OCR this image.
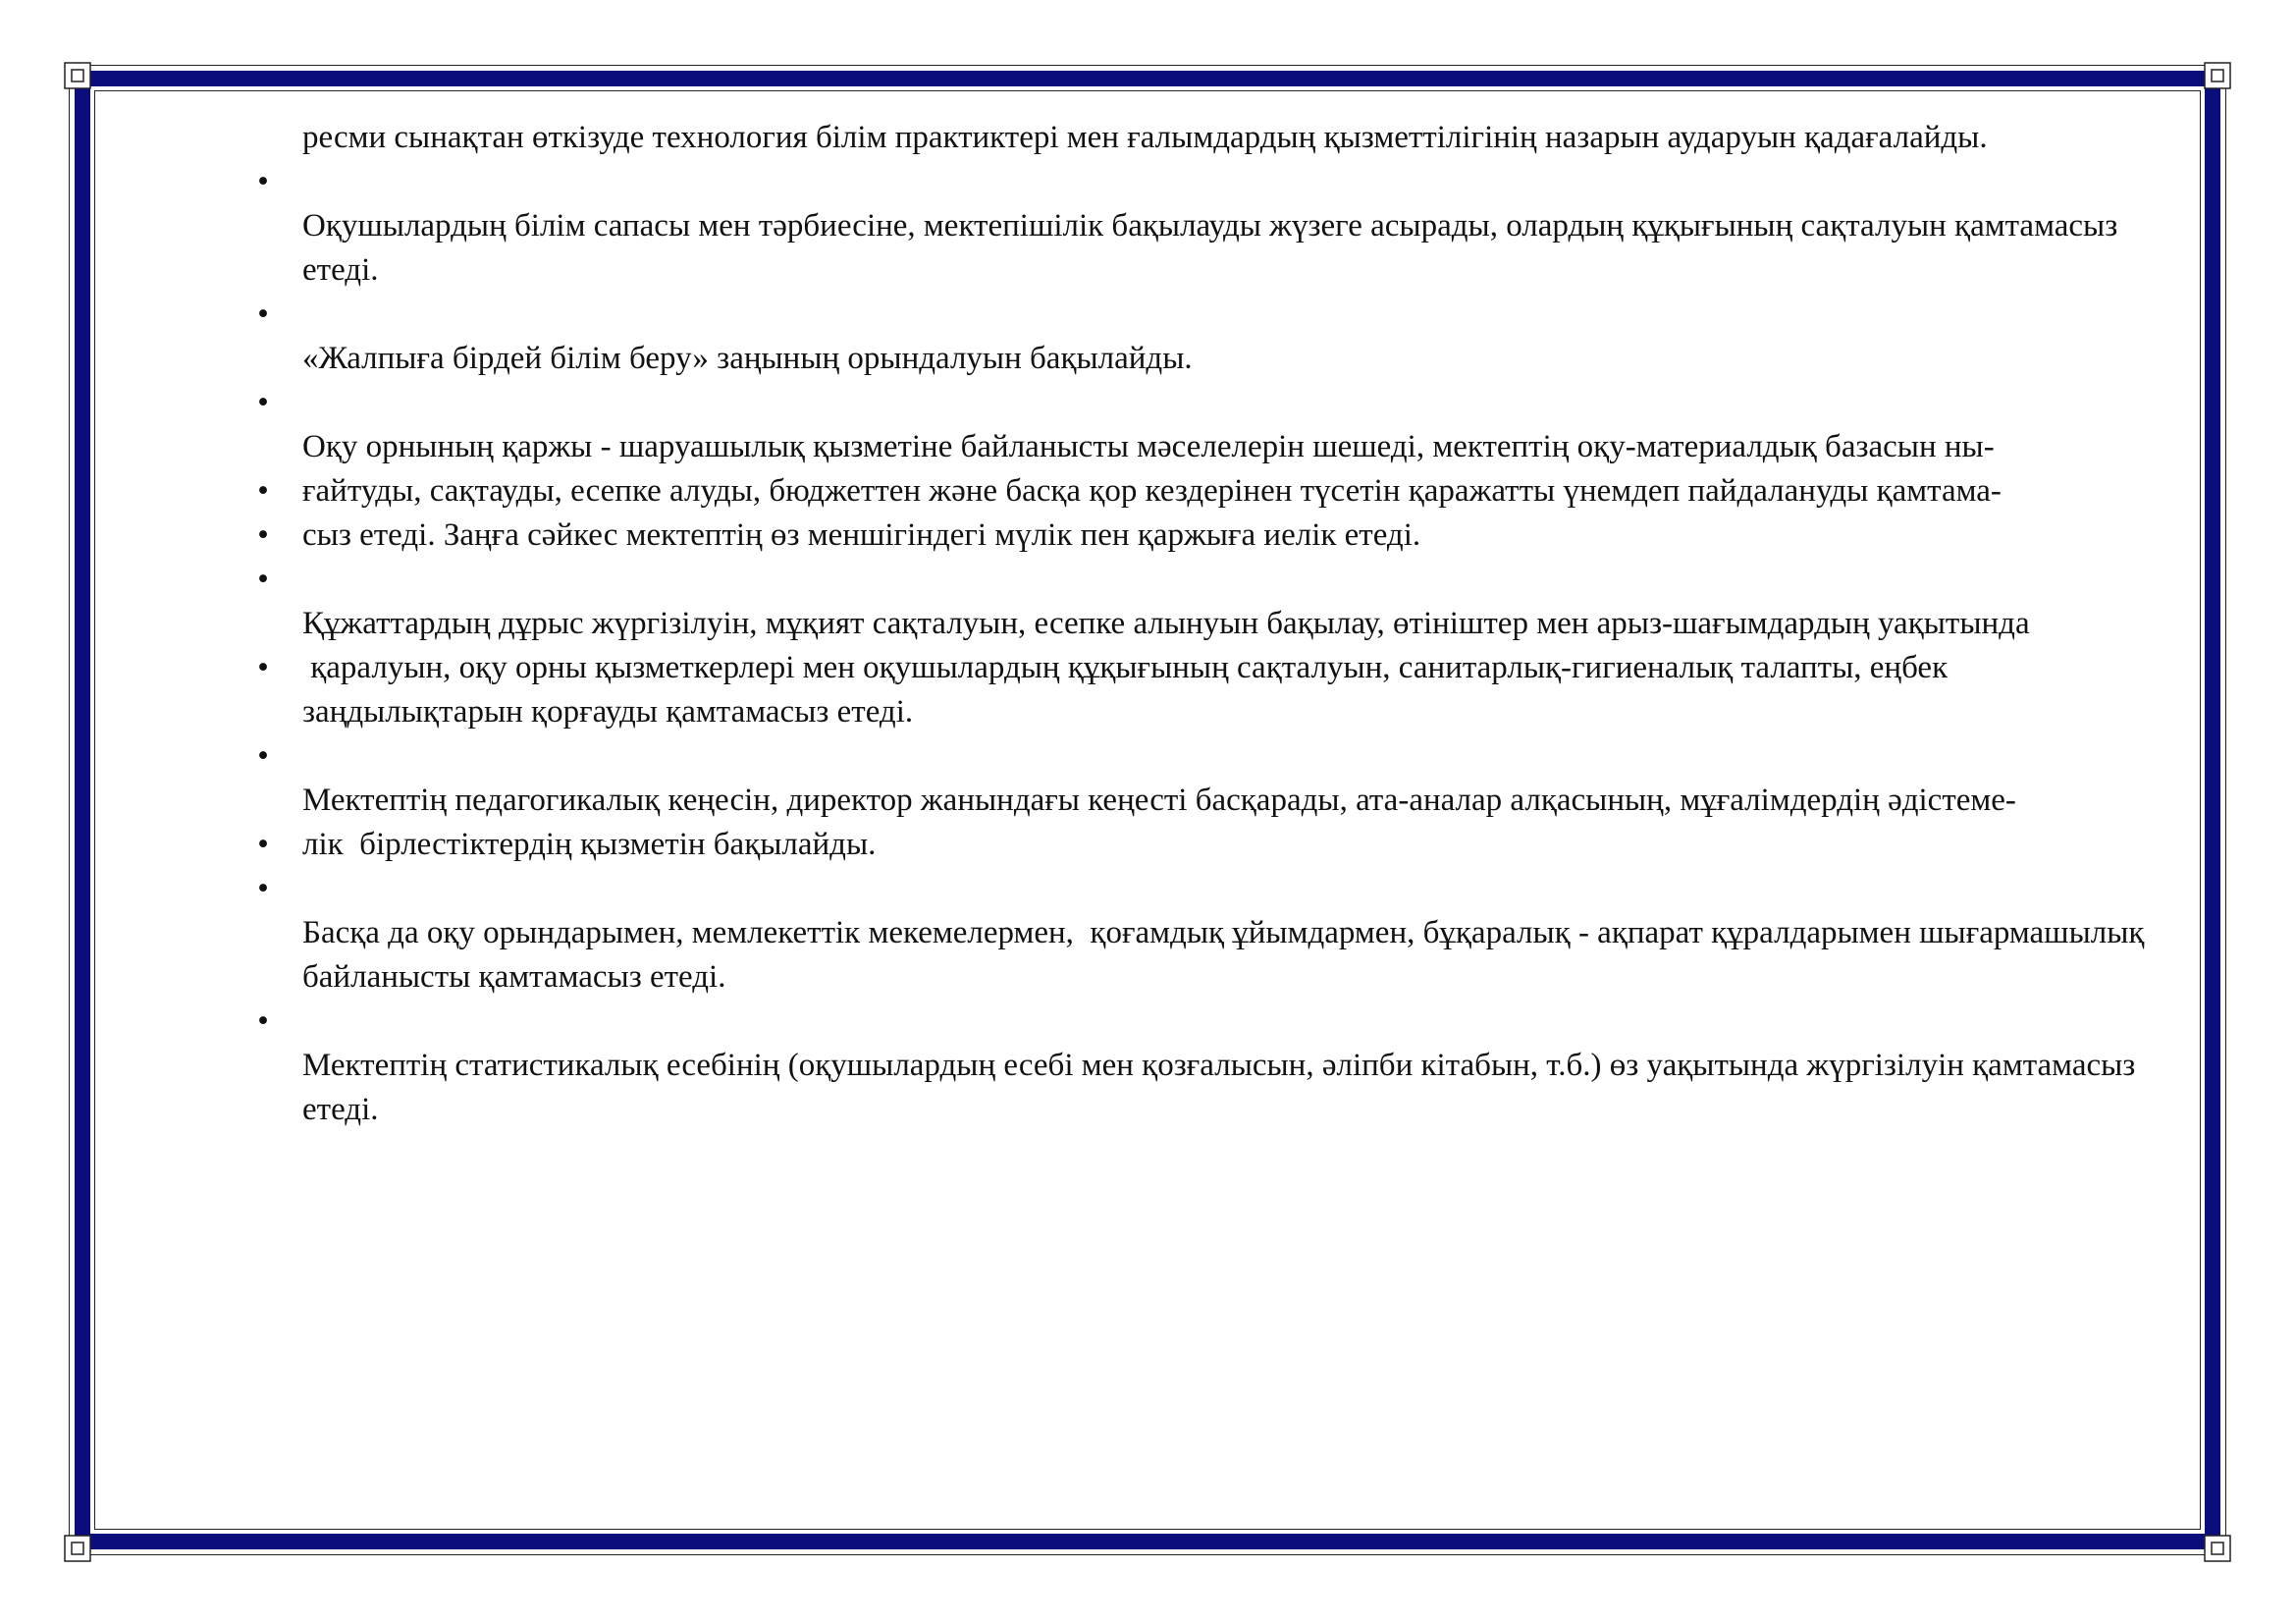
ресми сынақтан өткізуде технология білім практиктері мен ғалымдардың қызметтілігінің назарын аударуын қадағалайды.
•
Оқушылардың білім сапасы мен тәрбиесіне, мектепішілік бақылауды жүзеге асырады, олардың құқығының сақталуын қамтамасыз етеді.
•
«Жалпыға бірдей білім беру» заңының орындалуын бақылайды.
•
Оқу орнының қаржы - шаруашылық қызметіне байланысты мәселелерін шешеді, мектептің оқу-материалдық базасын ны-
• ғайтуды, сақтауды, есепке алуды, бюджеттен және басқа қор кездерінен түсетін қаражатты үнемдеп пайдалануды қамтама-
• сыз етеді. Заңға сәйкес мектептің өз меншігіндегі мүлік пен қаржыға иелік етеді.
•
Құжаттардың дұрыс жүргізілуін, мұқият сақталуын, есепке алынуын бақылау, өтініштер мен арыз-шағымдардың уақытында
• қаралуын, оқу орны қызметкерлері мен оқушылардың құқығының сақталуын, санитарлық-гигиеналық талапты, еңбек заңдылықтарын қорғауды қамтамасыз етеді.
•
Мектептің педагогикалық кеңесін, директор жанындағы кеңесті басқарады, ата-аналар алқасының, мұғалімдердің әдістеме-
• лік  бірлестіктердің қызметін бақылайды.
•
Басқа да оқу орындарымен, мемлекеттік мекемелермен,  қоғамдық ұйымдармен, бұқаралық - ақпарат құралдарымен шығармашылық байланысты қамтамасыз етеді.
•
Мектептің статистикалық есебінің (оқушылардың есебі мен қозғалысын, әліпби кітабын, т.б.) өз уақытында жүргізілуін қамтамасыз етеді.
